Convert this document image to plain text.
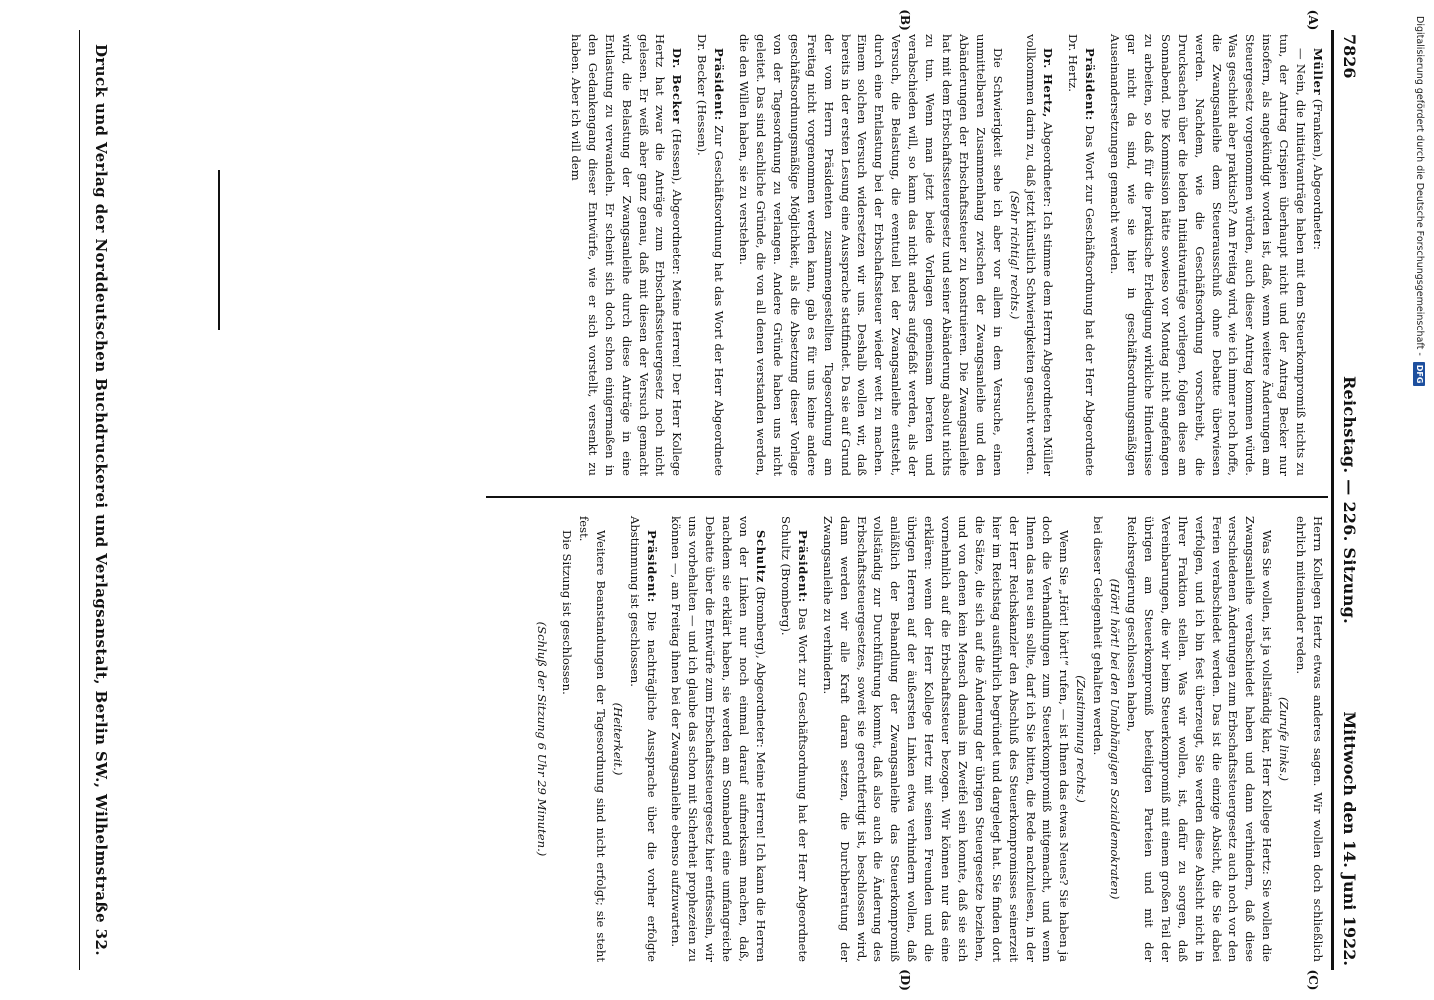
7826
Reichstag. — 226. Sitzung.
Mittwoch den 14. Juni 1922.
(A)
(B)
(C)
(D)

Müller (Franken), Abgeordneter:

— Nein, die Initiativanträge haben mit dem Steuerkompromiß nichts zu tun, der Antrag Crispien überhaupt nicht und der Antrag Becker nur insofern, als angekündigt worden ist, daß, wenn weitere Änderungen am Steuergesetz vorgenommen würden, auch dieser Antrag kommen würde. Was geschieht aber praktisch? Am Freitag wird, wie ich immer noch hoffe, die Zwangsanleihe dem Steuerausschuß ohne Debatte überwiesen werden. Nachdem, wie die Geschäftsordnung vorschreibt, die Drucksachen über die beiden Initiativanträge vorliegen, folgen diese am Sonnabend. Die Kommission hätte sowieso vor Montag nicht angefangen zu arbeiten, so daß für die praktische Erledigung wirkliche Hindernisse gar nicht da sind, wie sie hier in geschäftsordnungsmäßigen Auseinandersetzungen gemacht werden.

Präsident: Das Wort zur Geschäftsordnung hat der Herr Abgeordnete Dr. Hertz.

Dr. Hertz, Abgeordneter: Ich stimme dem Herrn Abgeordneten Müller vollkommen darin zu, daß jetzt künstlich Schwierigkeiten gesucht werden.

(Sehr richtig! rechts.)

Die Schwierigkeit sehe ich aber vor allem in dem Versuche, einen unmittelbaren Zusammenhang zwischen der Zwangsanleihe und den Abänderungen der Erbschaftssteuer zu konstruieren. Die Zwangsanleihe hat mit dem Erbschaftssteuergesetz und seiner Abänderung absolut nichts zu tun. Wenn man jetzt beide Vorlagen gemeinsam beraten und verabschieden will, so kann das nicht anders aufgefaßt werden, als der Versuch, die Belastung, die eventuell bei der Zwangsanleihe entsteht, durch eine Entlastung bei der Erbschaftssteuer wieder wett zu machen. Einem solchen Versuch widersetzen wir uns. Deshalb wollen wir, daß bereits in der ersten Lesung eine Aussprache stattfindet. Da sie auf Grund der vom Herrn Präsidenten zusammengestellten Tagesordnung am Freitag nicht vorgenommen werden kann, gab es für uns keine andere geschäftsordnungsmäßige Möglichkeit, als die Absetzung dieser Vorlage von der Tagesordnung zu verlangen. Andere Gründe haben uns nicht geleitet. Das sind sachliche Gründe, die von all denen verstanden werden, die den Willen haben, sie zu verstehen.

Präsident: Zur Geschäftsordnung hat das Wort der Herr Abgeordnete Dr. Becker (Hessen).

Dr. Becker (Hessen), Abgeordneter: Meine Herren! Der Herr Kollege Hertz hat zwar die Anträge zum Erbschaftssteuergesetz noch nicht gelesen. Er weiß aber ganz genau, daß mit diesen der Versuch gemacht wird, die Belastung der Zwangsanleihe durch diese Anträge in eine Entlastung zu verwandeln. Er scheint sich doch schon einigermaßen in den Gedankengang dieser Entwürfe, wie er sich vorstellt, versenkt zu haben. Aber ich will dem

Herrn Kollegen Hertz etwas anderes sagen. Wir wollen doch schließlich ehrlich miteinander reden.

(Zurufe links.)

Was Sie wollen, ist ja vollständig klar, Herr Kollege Hertz: Sie wollen die Zwangsanleihe verabschiedet haben und dann verhindern, daß diese verschiedenen Änderungen zum Erbschaftssteuergesetz auch noch vor den Ferien verabschiedet werden. Das ist die einzige Absicht, die Sie dabei verfolgen, und ich bin fest überzeugt, Sie werden diese Absicht nicht in Ihrer Fraktion stellen. Was wir wollen, ist, dafür zu sorgen, daß Vereinbarungen, die wir beim Steuerkompromiß mit einem großen Teil der übrigen am Steuerkompromiß beteiligten Parteien und mit der Reichsregierung geschlossen haben,

(Hört! hört! bei den Unabhängigen Sozialdemokraten)

bei dieser Gelegenheit gehalten werden.

(Zustimmung rechts.)

Wenn Sie „Hört! hört!“ rufen, — ist Ihnen das etwas Neues? Sie haben ja doch die Verhandlungen zum Steuerkompromiß mitgemacht, und wenn Ihnen das neu sein sollte, darf ich Sie bitten, die Rede nachzulesen, in der der Herr Reichskanzler den Abschluß des Steuerkompromisses seinerzeit hier im Reichstag ausführlich begründet und dargelegt hat. Sie finden dort die Sätze, die sich auf die Änderung der übrigen Steuergesetze beziehen, und von denen kein Mensch damals im Zweifel sein konnte, daß sie sich vornehmlich auf die Erbschaftssteuer bezogen. Wir können nur das eine erklären: wenn der Herr Kollege Hertz mit seinen Freunden und die übrigen Herren auf der äußersten Linken etwa verhindern wollen, daß anläßlich der Behandlung der Zwangsanleihe das Steuerkompromiß vollständig zur Durchführung kommt, daß also auch die Änderung des Erbschaftssteuergesetzes, soweit sie gerechtfertigt ist, beschlossen wird, dann werden wir alle Kraft daran setzen, die Durchberatung der Zwangsanleihe zu verhindern.

Präsident: Das Wort zur Geschäftsordnung hat der Herr Abgeordnete Schultz (Bromberg).

Schultz (Bromberg), Abgeordneter: Meine Herren! Ich kann die Herren von der Linken nur noch einmal darauf aufmerksam machen, daß, nachdem sie erklärt haben, sie werden am Sonnabend eine umfangreiche Debatte über die Entwürfe zum Erbschaftssteuergesetz hier entfesseln, wir uns vorbehalten — und ich glaube das schon mit Sicherheit prophezeien zu können —, am Freitag ihnen bei der Zwangsanleihe ebenso aufzuwarten.

Präsident: Die nachträgliche Aussprache über die vorher erfolgte Abstimmung ist geschlossen.

(Heiterkeit.)

Weitere Beanstandungen der Tagesordnung sind nicht erfolgt; sie steht fest.

Die Sitzung ist geschlossen.

(Schluß der Sitzung 6 Uhr 29 Minuten.)

Druck und Verlag der Norddeutschen Buchdruckerei und Verlagsanstalt, Berlin SW., Wilhelmstraße 32.	Digitalisierung gefördert durch die Deutsche Forschungsgemeinschaft -
DFG
